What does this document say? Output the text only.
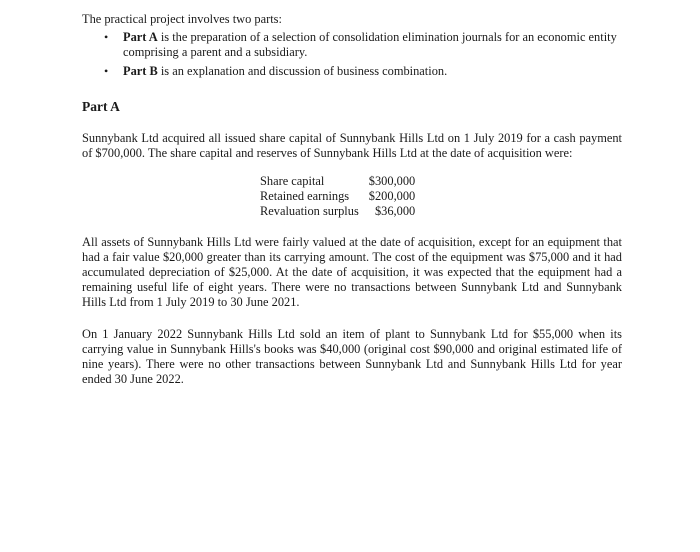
The practical project involves two parts:

• Part A is the preparation of a selection of consolidation elimination journals for an economic entity comprising a parent and a subsidiary.
• Part B is an explanation and discussion of business combination.
Part A

Sunnybank Ltd acquired all issued share capital of Sunnybank Hills Ltd on 1 July 2019 for a cash payment of $700,000. The share capital and reserves of Sunnybank Hills Ltd at the date of acquisition were:

Share capital	$300,000
Retained earnings	$200,000
Revaluation surplus	$36,000

All assets of Sunnybank Hills Ltd were fairly valued at the date of acquisition, except for an equipment that had a fair value $20,000 greater than its carrying amount. The cost of the equipment was $75,000 and it had accumulated depreciation of $25,000. At the date of acquisition, it was expected that the equipment had a remaining useful life of eight years. There were no transactions between Sunnybank Ltd and Sunnybank Hills Ltd from 1 July 2019 to 30 June 2021.

On 1 January 2022 Sunnybank Hills Ltd sold an item of plant to Sunnybank Ltd for $55,000 when its carrying value in Sunnybank Hills's books was $40,000 (original cost $90,000 and original estimated life of nine years). There were no other transactions between Sunnybank Ltd and Sunnybank Hills Ltd for year ended 30 June 2022.
